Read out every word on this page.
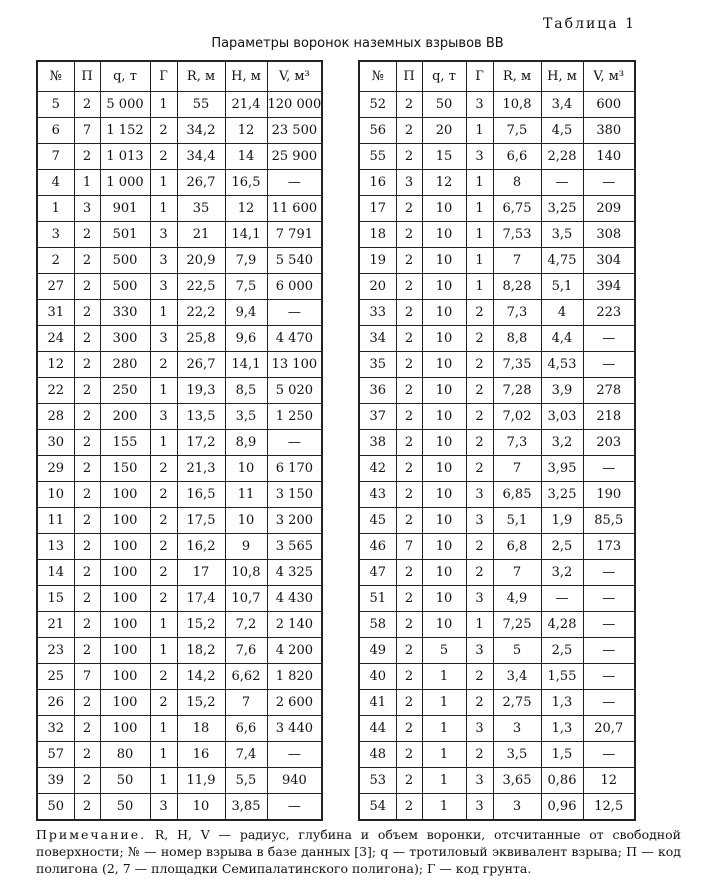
Таблица 1
Параметры воронок наземных взрывов ВВ
№	П	q, т	Г	R, м	H, м	V, м³
5	2	5 000	1	55	21,4	120 000
6	7	1 152	2	34,2	12	23 500
7	2	1 013	2	34,4	14	25 900
4	1	1 000	1	26,7	16,5	—
1	3	901	1	35	12	11 600
3	2	501	3	21	14,1	7 791
2	2	500	3	20,9	7,9	5 540
27	2	500	3	22,5	7,5	6 000
31	2	330	1	22,2	9,4	—
24	2	300	3	25,8	9,6	4 470
12	2	280	2	26,7	14,1	13 100
22	2	250	1	19,3	8,5	5 020
28	2	200	3	13,5	3,5	1 250
30	2	155	1	17,2	8,9	—
29	2	150	2	21,3	10	6 170
10	2	100	2	16,5	11	3 150
11	2	100	2	17,5	10	3 200
13	2	100	2	16,2	9	3 565
14	2	100	2	17	10,8	4 325
15	2	100	2	17,4	10,7	4 430
21	2	100	1	15,2	7,2	2 140
23	2	100	1	18,2	7,6	4 200
25	7	100	2	14,2	6,62	1 820
26	2	100	2	15,2	7	2 600
32	2	100	1	18	6,6	3 440
57	2	80	1	16	7,4	—
39	2	50	1	11,9	5,5	940
50	2	50	3	10	3,85	—
№	П	q, т	Г	R, м	H, м	V, м³
52	2	50	3	10,8	3,4	600
56	2	20	1	7,5	4,5	380
55	2	15	3	6,6	2,28	140
16	3	12	1	8	—	—
17	2	10	1	6,75	3,25	209
18	2	10	1	7,53	3,5	308
19	2	10	1	7	4,75	304
20	2	10	1	8,28	5,1	394
33	2	10	2	7,3	4	223
34	2	10	2	8,8	4,4	—
35	2	10	2	7,35	4,53	—
36	2	10	2	7,28	3,9	278
37	2	10	2	7,02	3,03	218
38	2	10	2	7,3	3,2	203
42	2	10	2	7	3,95	—
43	2	10	3	6,85	3,25	190
45	2	10	3	5,1	1,9	85,5
46	7	10	2	6,8	2,5	173
47	2	10	2	7	3,2	—
51	2	10	3	4,9	—	—
58	2	10	1	7,25	4,28	—
49	2	5	3	5	2,5	—
40	2	1	2	3,4	1,55	—
41	2	1	2	2,75	1,3	—
44	2	1	3	3	1,3	20,7
48	2	1	2	3,5	1,5	—
53	2	1	3	3,65	0,86	12
54	2	1	3	3	0,96	12,5
Примечание. R, H, V — радиус, глубина и объем воронки, отсчитанные от свободной поверхности; № — номер взрыва в базе данных [3]; q — тротиловый эквивалент взрыва; П — код полигона (2, 7 — площадки Семипалатинского полигона); Г — код грунта.
